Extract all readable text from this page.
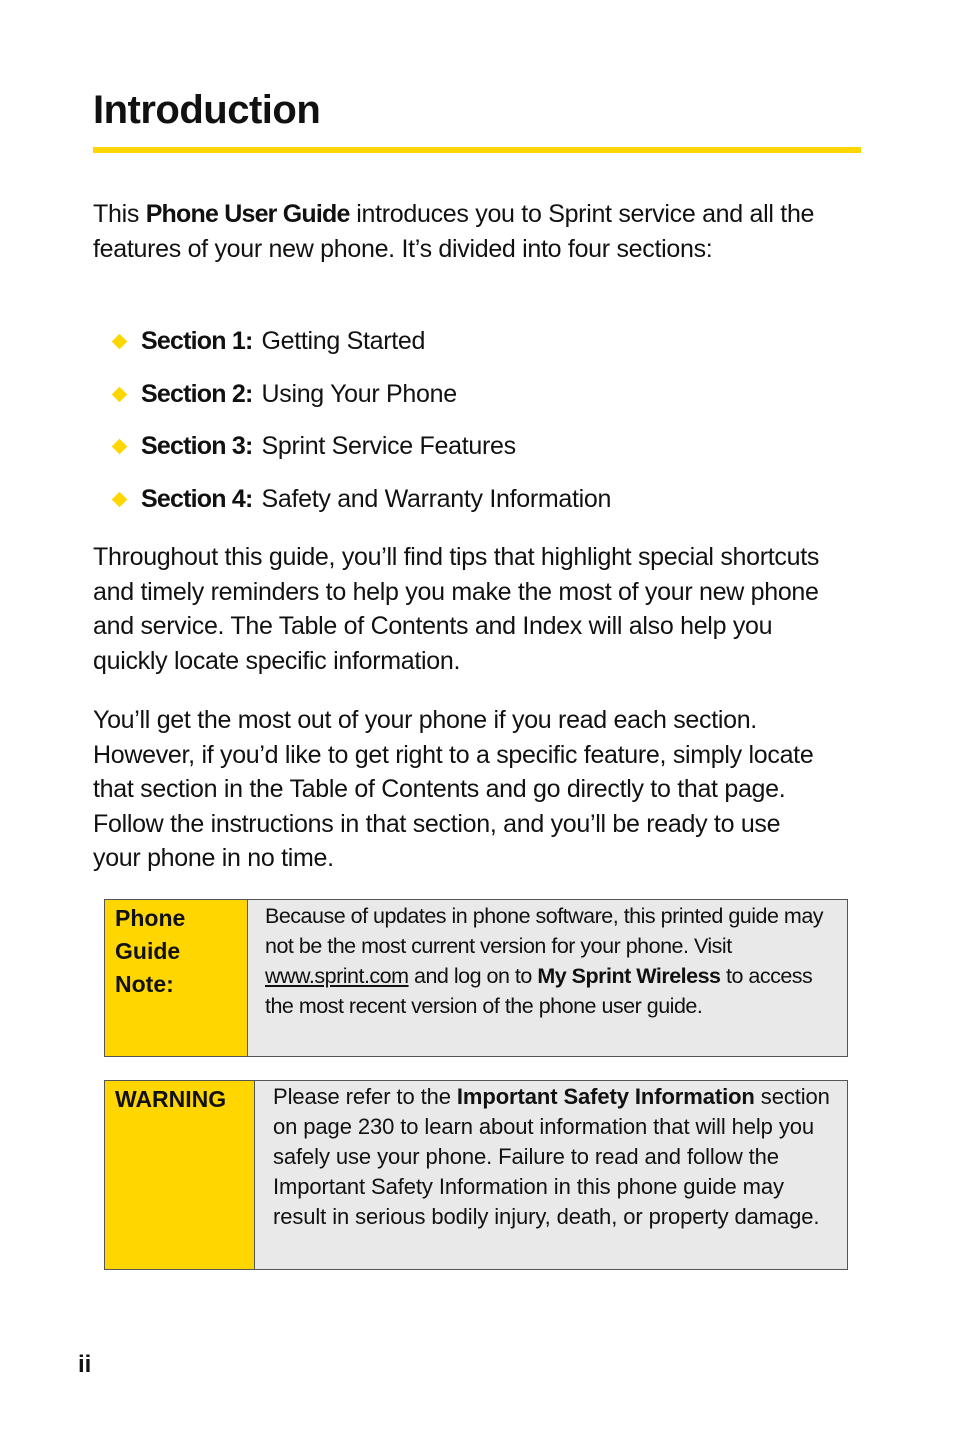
Introduction

This Phone User Guide introduces you to Sprint service and all the features of your new phone. It’s divided into four sections:

Section 1: Getting Started
Section 2: Using Your Phone
Section 3: Sprint Service Features
Section 4: Safety and Warranty Information

Throughout this guide, you’ll find tips that highlight special shortcuts and timely reminders to help you make the most of your new phone and service. The Table of Contents and Index will also help you quickly locate specific information.

You’ll get the most out of your phone if you read each section. However, if you’d like to get right to a specific feature, simply locate that section in the Table of Contents and go directly to that page. Follow the instructions in that section, and you’ll be ready to use your phone in no time.

Phone
Guide
Note:
Because of updates in phone software, this printed guide may not be the most current version for your phone. Visit www.sprint.com and log on to My Sprint Wireless to access the most recent version of the phone user guide.
WARNING	Please refer to the Important Safety Information section on page 230 to learn about information that will help you safely use your phone. Failure to read and follow the Important Safety Information in this phone guide may result in serious bodily injury, death, or property damage.
ii
